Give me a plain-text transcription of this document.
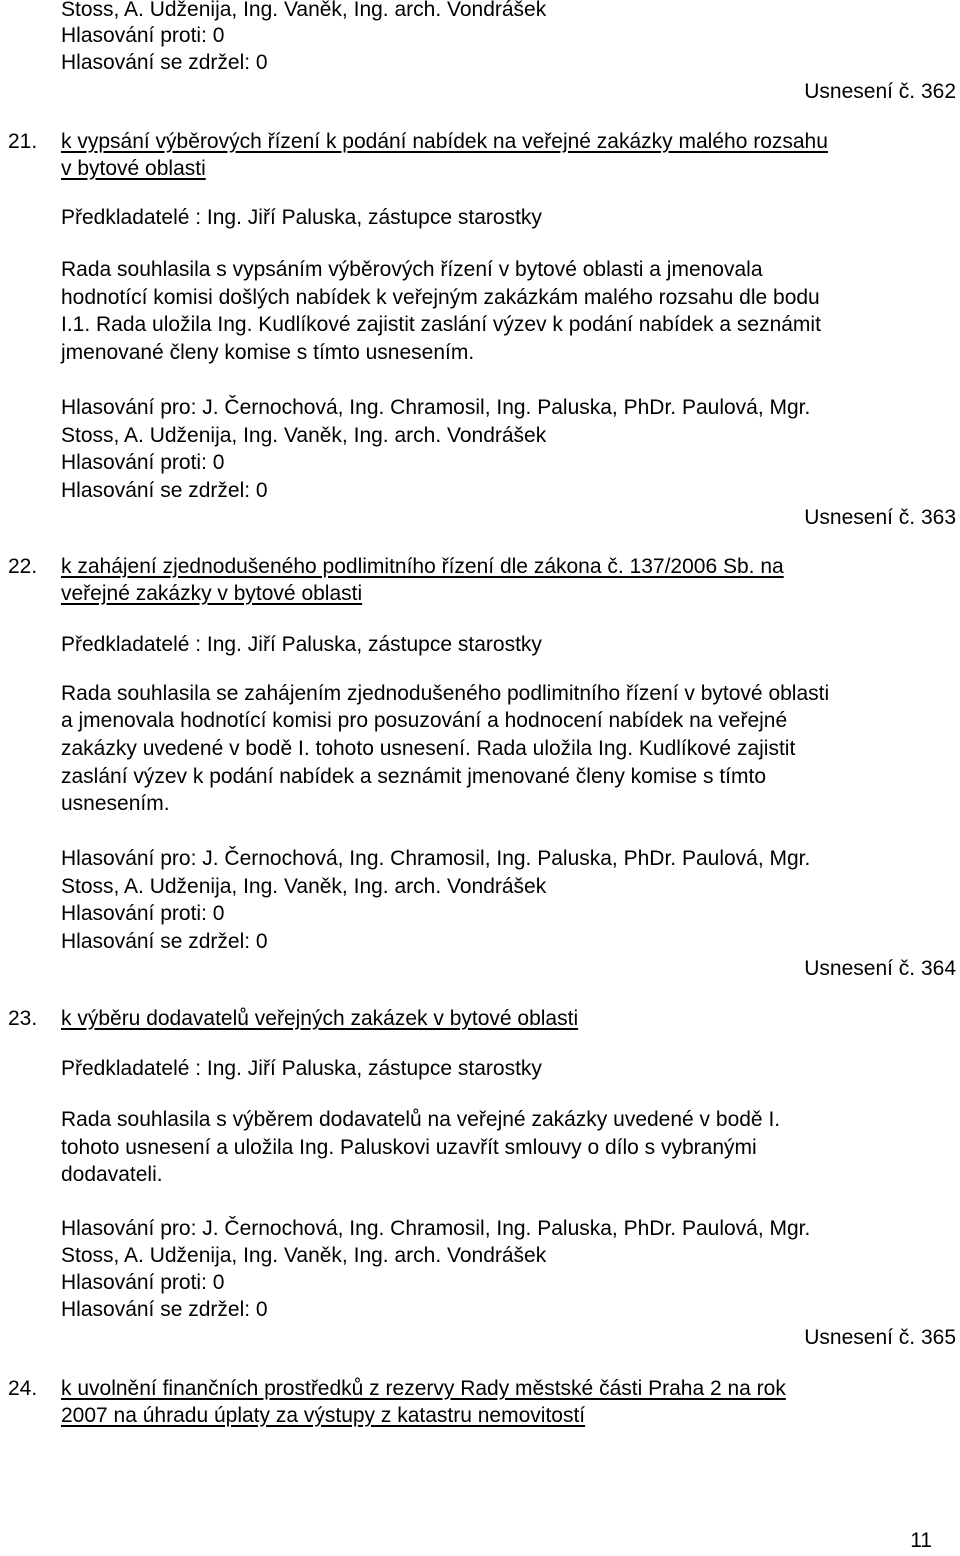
Stoss, A. Udženija, Ing. Vaněk, Ing. arch. Vondrášek
Hlasování proti: 0
Hlasování se zdržel: 0
Usnesení č. 362
21. k vypsání výběrových řízení k podání nabídek na veřejné zakázky malého rozsahu
v bytové oblasti
Předkladatelé : Ing. Jiří Paluska, zástupce starostky
Rada souhlasila s vypsáním výběrových řízení v bytové oblasti a jmenovala
hodnotící komisi došlých nabídek k veřejným zakázkám malého rozsahu dle bodu
I.1. Rada uložila Ing. Kudlíkové zajistit zaslání výzev k podání nabídek a seznámit
jmenované členy komise s tímto usnesením.
Hlasování pro: J. Černochová, Ing. Chramosil, Ing. Paluska, PhDr. Paulová, Mgr.
Stoss, A. Udženija, Ing. Vaněk, Ing. arch. Vondrášek
Hlasování proti: 0
Hlasování se zdržel: 0
Usnesení č. 363
22. k zahájení zjednodušeného podlimitního řízení dle zákona č. 137/2006 Sb. na
veřejné zakázky v bytové oblasti
Předkladatelé : Ing. Jiří Paluska, zástupce starostky
Rada souhlasila se zahájením zjednodušeného podlimitního řízení v bytové oblasti
a jmenovala hodnotící komisi pro posuzování a hodnocení nabídek na veřejné
zakázky uvedené v bodě I. tohoto usnesení. Rada uložila Ing. Kudlíkové zajistit
zaslání výzev k podání nabídek a seznámit jmenované členy komise s tímto
usnesením.
Hlasování pro: J. Černochová, Ing. Chramosil, Ing. Paluska, PhDr. Paulová, Mgr.
Stoss, A. Udženija, Ing. Vaněk, Ing. arch. Vondrášek
Hlasování proti: 0
Hlasování se zdržel: 0
Usnesení č. 364
23. k výběru dodavatelů veřejných zakázek v bytové oblasti
Předkladatelé : Ing. Jiří Paluska, zástupce starostky
Rada souhlasila s výběrem dodavatelů na veřejné zakázky uvedené v bodě I.
tohoto usnesení a uložila Ing. Paluskovi uzavřít smlouvy o dílo s vybranými
dodavateli.
Hlasování pro: J. Černochová, Ing. Chramosil, Ing. Paluska, PhDr. Paulová, Mgr.
Stoss, A. Udženija, Ing. Vaněk, Ing. arch. Vondrášek
Hlasování proti: 0
Hlasování se zdržel: 0
Usnesení č. 365
24. k uvolnění finančních prostředků z rezervy Rady městské části Praha 2 na rok
2007 na úhradu úplaty za výstupy z katastru nemovitostí
11
